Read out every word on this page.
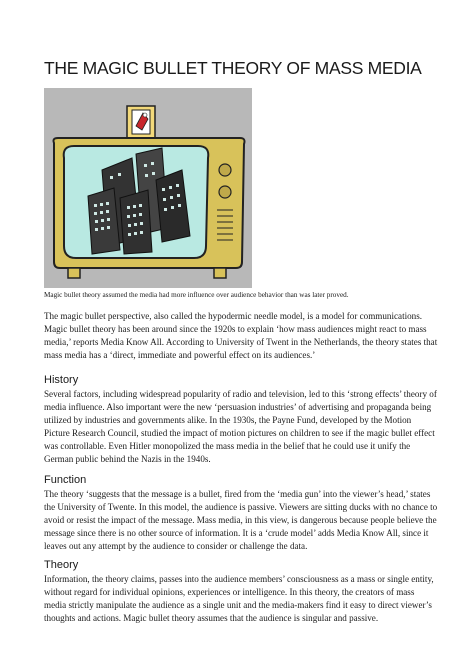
THE MAGIC BULLET THEORY OF MASS MEDIA
Magic bullet theory assumed the media had more influence over audience behavior than was later proved.

The magic bullet perspective, also called the hypodermic needle model, is a model for communications. Magic bullet theory has been around since the 1920s to explain ‘how mass audiences might react to mass media,’ reports Media Know All. According to University of Twent in the Netherlands, the theory states that mass media has a ‘direct, immediate and powerful effect on its audiences.’

History

Several factors, including widespread popularity of radio and television, led to this ‘strong effects’ theory of media influence. Also important were the new ‘persuasion industries’ of advertising and propaganda being utilized by industries and governments alike. In the 1930s, the Payne Fund, developed by the Motion Picture Research Council, studied the impact of motion pictures on children to see if the magic bullet effect was controllable. Even Hitler monopolized the mass media in the belief that he could use it unify the German public behind the Nazis in the 1940s.

Function

The theory ‘suggests that the message is a bullet, fired from the ‘media gun’ into the viewer’s head,’ states the University of Twente. In this model, the audience is passive. Viewers are sitting ducks with no chance to avoid or resist the impact of the message. Mass media, in this view, is dangerous because people believe the message since there is no other source of information. It is a ‘crude model’ adds Media Know All, since it leaves out any attempt by the audience to consider or challenge the data.

Theory

Information, the theory claims, passes into the audience members’ consciousness as a mass or single entity, without regard for individual opinions, experiences or intelligence. In this theory, the creators of mass media strictly manipulate the audience as a single unit and the media-makers find it easy to direct viewer’s thoughts and actions. Magic bullet theory assumes that the audience is singular and passive.
